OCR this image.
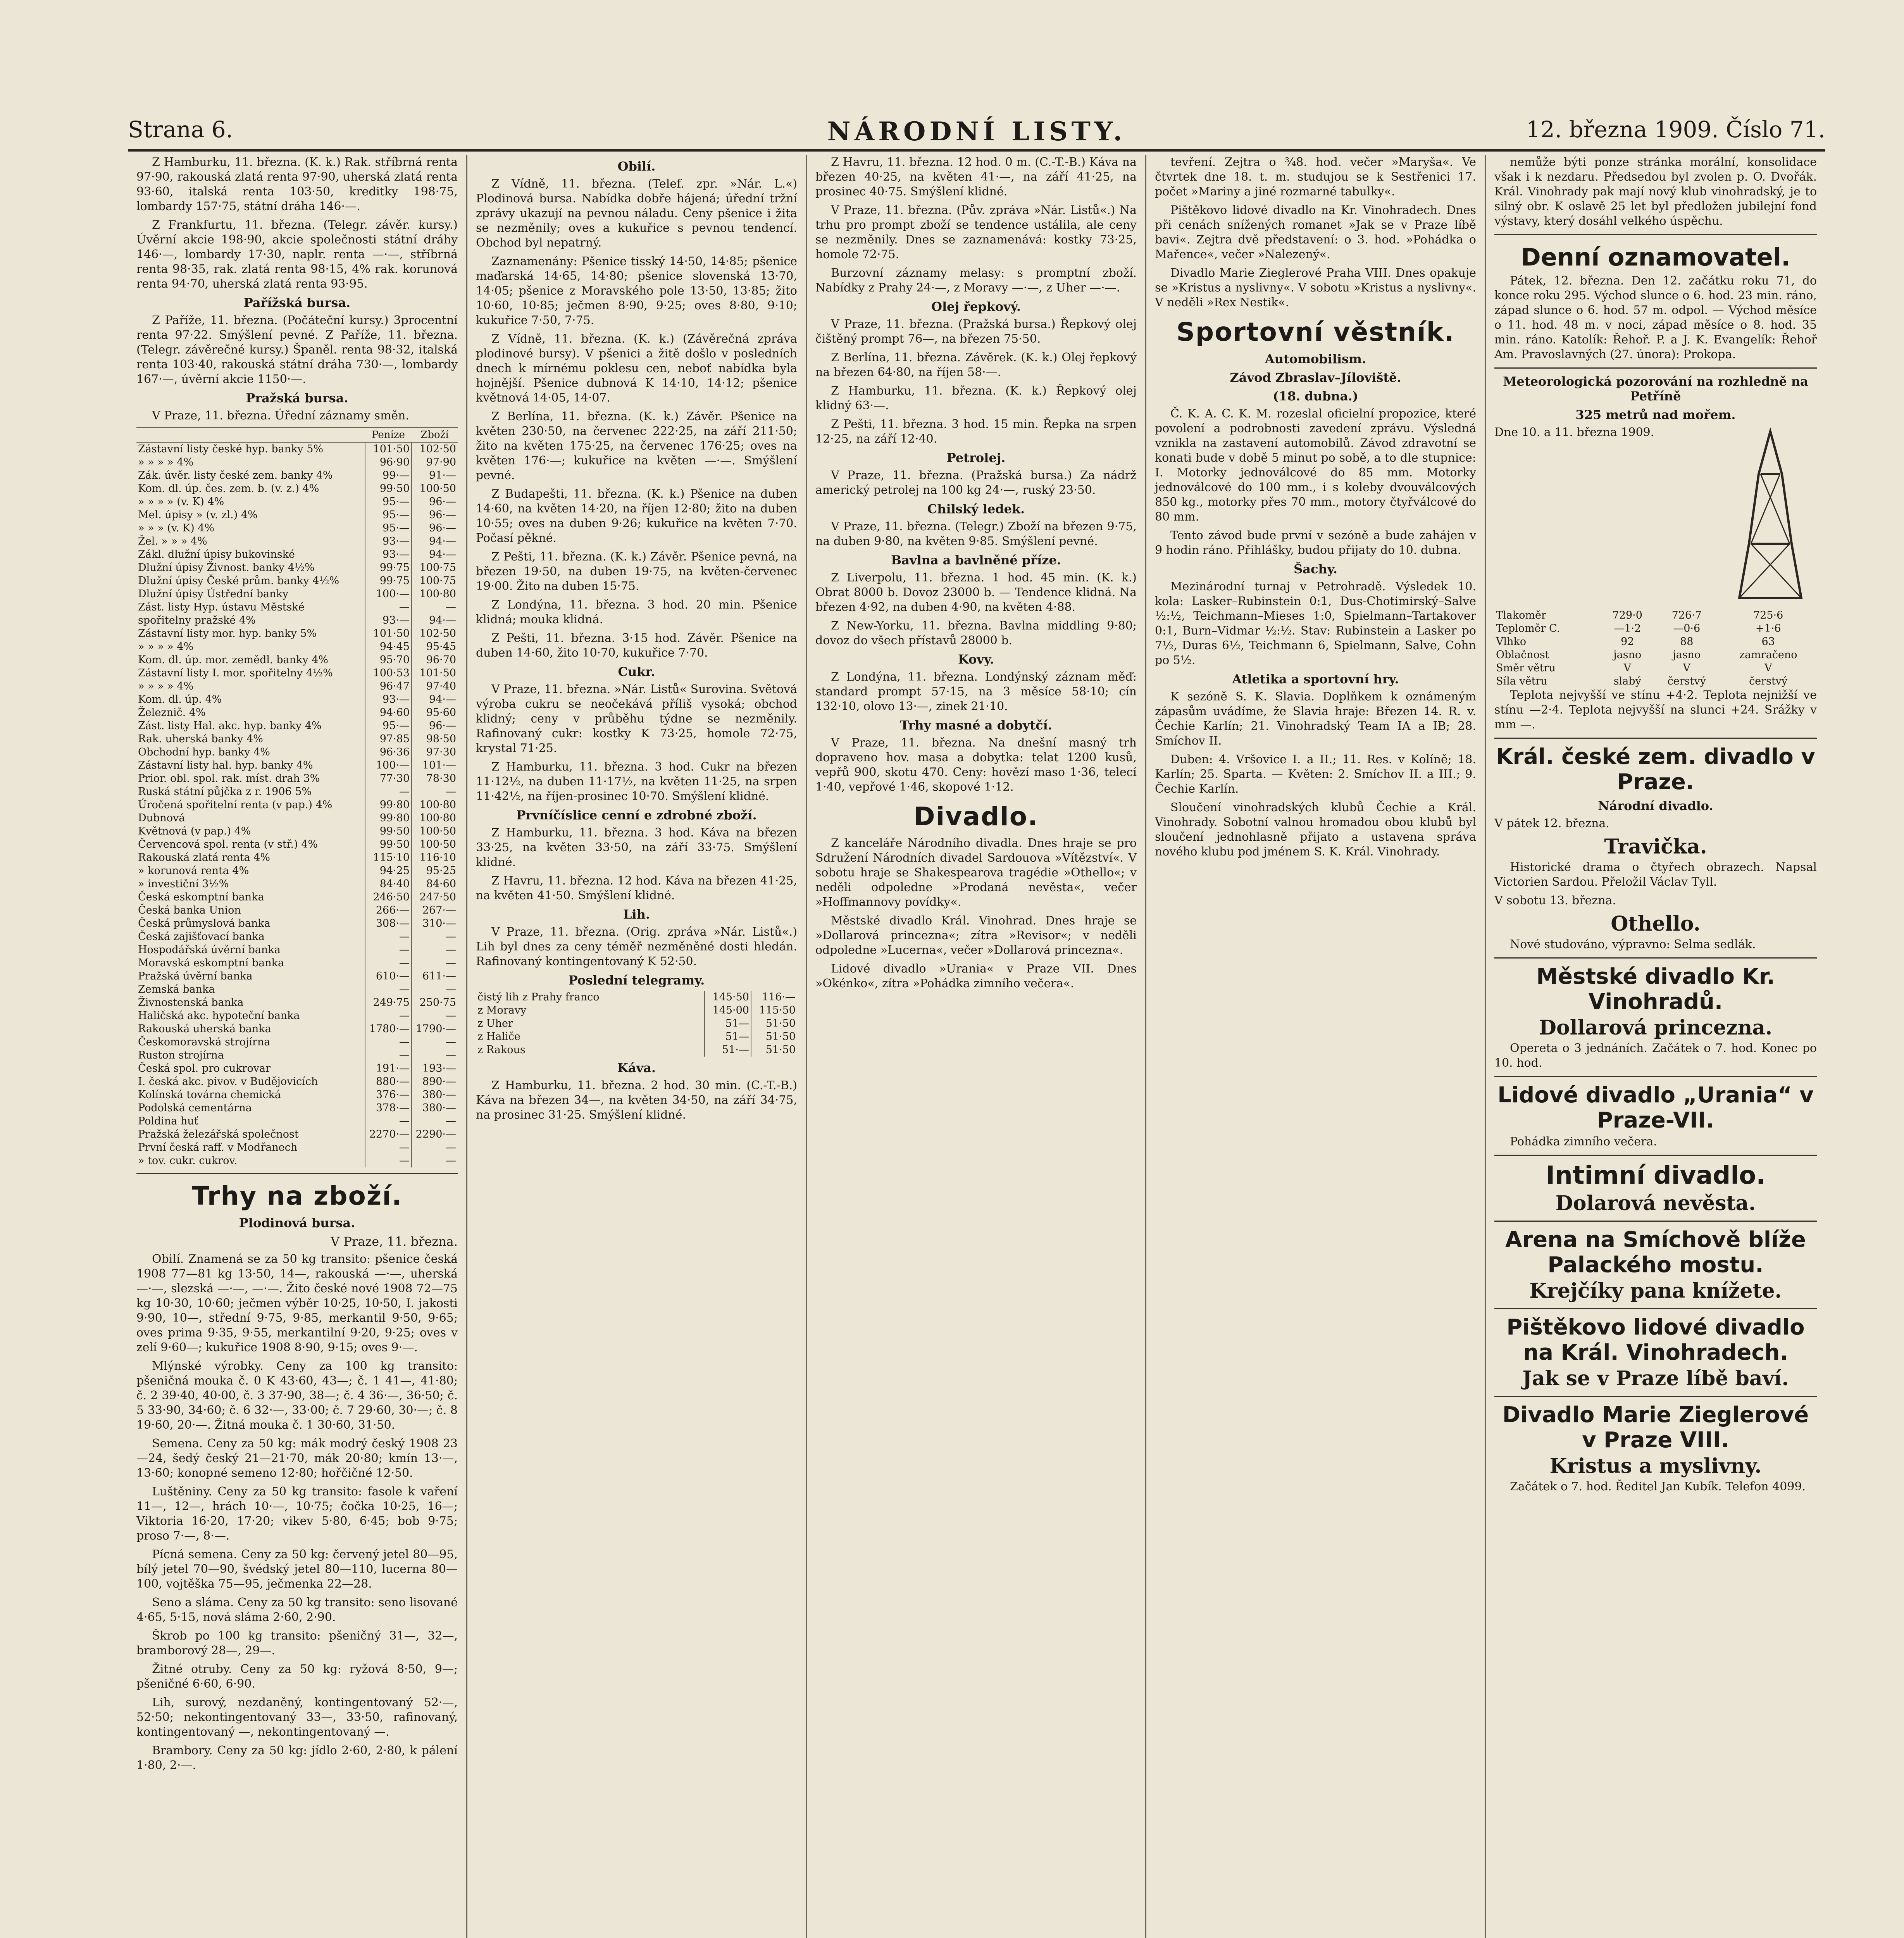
Strana 6.	NÁRODNÍ LISTY.	12. března 1909. Číslo 71.

Z Hamburku, 11. března. (K. k.) Rak. stříbrná renta 97·90, rakouská zlatá renta 97·90, uherská zlatá renta 93·60, italská renta 103·50, kreditky 198·75, lombardy 157·75, státní dráha 146·—.

Z Frankfurtu, 11. března. (Telegr. závěr. kursy.) Úvěrní akcie 198·90, akcie společnosti státní dráhy 146·—, lombardy 17·30, naplr. renta —·—, stříbrná renta 98·35, rak. zlatá renta 98·15, 4% rak. korunová renta 94·70, uherská zlatá renta 93·95.

Pařížská bursa.

Z Paříže, 11. března. (Počáteční kursy.) 3procentní renta 97·22. Smýšlení pevné. Z Paříže, 11. března. (Telegr. závěrečné kursy.) Španěl. renta 98·32, italská renta 103·40, rakouská státní dráha 730·—, lombardy 167·—, úvěrní akcie 1150·—.

Pražská bursa.

V Praze, 11. března. Úřední záznamy směn.

	Peníze	Zboží
Zástavní listy české hyp. banky 5%	101·50	102·50
» » » » 4%	96·90	97·90
Zák. úvěr. listy české zem. banky 4%	99·—	91·—
Kom. dl. úp. čes. zem. b. (v. z.) 4%	99·50	100·50
» » » » (v. K) 4%	95·—	96·—
Mel. úpisy » (v. zl.) 4%	95·—	96·—
» » » (v. K) 4%	95·—	96·—
Žel. » » » 4%	93·—	94·—
Zákl. dlužní úpisy bukovinské	93·—	94·—
Dlužní úpisy Živnost. banky 4½%	99·75	100·75
Dlužní úpisy České prům. banky 4½%	99·75	100·75
Dlužní úpisy Ústřední banky	100·—	100·80
Zást. listy Hyp. ústavu Městské	—	—
spořitelny pražské 4%	93·—	94·—
Zástavní listy mor. hyp. banky 5%	101·50	102·50
» » » » 4%	94·45	95·45
Kom. dl. úp. mor. zemědl. banky 4%	95·70	96·70
Zástavní listy I. mor. spořitelny 4½%	100·53	101·50
» » » » 4%	96·47	97·40
Kom. dl. úp. 4%	93·—	94·—
Železnič. 4%	94·60	95·60
Zást. listy Hal. akc. hyp. banky 4%	95·—	96·—
Rak. uherská banky 4%	97·85	98·50
Obchodní hyp. banky 4%	96·36	97·30
Zástavní listy hal. hyp. banky 4%	100·—	101·—
Prior. obl. spol. rak. míst. drah 3%	77·30	78·30
Ruská státní půjčka z r. 1906 5%	—	—
Úročená spořitelní renta (v pap.) 4%	99·80	100·80
Dubnová	99·80	100·80
Květnová (v pap.) 4%	99·50	100·50
Červencová spol. renta (v stř.) 4%	99·50	100·50
Rakouská zlatá renta 4%	115·10	116·10
» korunová renta 4%	94·25	95·25
» investiční 3½%	84·40	84·60
Česká eskomptní banka	246·50	247·50
Česká banka Union	266·—	267·—
Česká průmyslová banka	308·—	310·—
Česká zajišťovací banka	—	—
Hospodářská úvěrní banka	—	—
Moravská eskomptní banka	—	—
Pražská úvěrní banka	610·—	611·—
Zemská banka	—	—
Živnostenská banka	249·75	250·75
Haličská akc. hypoteční banka	—	—
Rakouská uherská banka	1780·—	1790·—
Českomoravská strojírna	—	—
Ruston strojírna	—	—
Česká spol. pro cukrovar	191·—	193·—
I. česká akc. pivov. v Budějovicích	880·—	890·—
Kolínská továrna chemická	376·—	380·—
Podolská cementárna	378·—	380·—
Poldina huť	—	—
Pražská železářská společnost	2270·—	2290·—
První česká raff. v Modřanech	—	—
» tov. cukr. cukrov.	—	—
Trhy na zboží.
Plodinová bursa.
V Praze, 11. března.

Obilí. Znamená se za 50 kg transito: pšenice česká 1908 77—81 kg 13·50, 14—, rakouská —·—, uherská —·—, slezská —·—, —·—. Žito české nové 1908 72—75 kg 10·30, 10·60; ječmen výběr 10·25, 10·50, I. jakosti 9·90, 10—, střední 9·75, 9·85, merkantil 9·50, 9·65; oves prima 9·35, 9·55, merkantilní 9·20, 9·25; oves v zelí 9·60—; kukuřice 1908 8·90, 9·15; oves 9·—.

Mlýnské výrobky. Ceny za 100 kg transito: pšeničná mouka č. 0 K 43·60, 43—; č. 1 41—, 41·80; č. 2 39·40, 40·00, č. 3 37·90, 38—; č. 4 36·—, 36·50; č. 5 33·90, 34·60; č. 6 32·—, 33·00; č. 7 29·60, 30·—; č. 8 19·60, 20·—. Žitná mouka č. 1 30·60, 31·50.

Semena. Ceny za 50 kg: mák modrý český 1908 23—24, šedý český 21—21·70, mák 20·80; kmín 13·—, 13·60; konopné semeno 12·80; hořčičné 12·50.

Luštěniny. Ceny za 50 kg transito: fasole k vaření 11—, 12—, hrách 10·—, 10·75; čočka 10·25, 16—; Viktoria 16·20, 17·20; vikev 5·80, 6·45; bob 9·75; proso 7·—, 8·—.

Pícná semena. Ceny za 50 kg: červený jetel 80—95, bílý jetel 70—90, švédský jetel 80—110, lucerna 80—100, vojtěška 75—95, ječmenka 22—28.

Seno a sláma. Ceny za 50 kg transito: seno lisované 4·65, 5·15, nová sláma 2·60, 2·90.

Škrob po 100 kg transito: pšeničný 31—, 32—, bramborový 28—, 29—.

Žitné otruby. Ceny za 50 kg: ryžová 8·50, 9—; pšeničné 6·60, 6·90.

Lih, surový, nezdaněný, kontingentovaný 52·—, 52·50; nekontingentovaný 33—, 33·50, rafinovaný, kontingentovaný —, nekontingentovaný —.

Brambory. Ceny za 50 kg: jídlo 2·60, 2·80, k pálení 1·80, 2·—.

Obilí.

Z Vídně, 11. března. (Telef. zpr. »Nár. L.«) Plodinová bursa. Nabídka dobře hájená; úřední tržní zprávy ukazují na pevnou náladu. Ceny pšenice i žita se nezměnily; oves a kukuřice s pevnou tendencí. Obchod byl nepatrný.

Zaznamenány: Pšenice tisský 14·50, 14·85; pšenice maďarská 14·65, 14·80; pšenice slovenská 13·70, 14·05; pšenice z Moravského pole 13·50, 13·85; žito 10·60, 10·85; ječmen 8·90, 9·25; oves 8·80, 9·10; kukuřice 7·50, 7·75.

Z Vídně, 11. března. (K. k.) (Závěrečná zpráva plodinové bursy). V pšenici a žitě došlo v posledních dnech k mírnému poklesu cen, neboť nabídka byla hojnější. Pšenice dubnová K 14·10, 14·12; pšenice květnová 14·05, 14·07.

Z Berlína, 11. března. (K. k.) Závěr. Pšenice na květen 230·50, na červenec 222·25, na září 211·50; žito na květen 175·25, na červenec 176·25; oves na květen 176·—; kukuřice na květen —·—. Smýšlení pevné.

Z Budapešti, 11. března. (K. k.) Pšenice na duben 14·60, na květen 14·20, na říjen 12·80; žito na duben 10·55; oves na duben 9·26; kukuřice na květen 7·70. Počasí pěkné.

Z Pešti, 11. března. (K. k.) Závěr. Pšenice pevná, na březen 19·50, na duben 19·75, na květen-červenec 19·00. Žito na duben 15·75.

Z Londýna, 11. března. 3 hod. 20 min. Pšenice klidná; mouka klidná.

Z Pešti, 11. března. 3·15 hod. Závěr. Pšenice na duben 14·60, žito 10·70, kukuřice 7·70.

Cukr.

V Praze, 11. března. »Nár. Listů« Surovina. Světová výroba cukru se neočekává příliš vysoká; obchod klidný; ceny v průběhu týdne se nezměnily. Rafinovaný cukr: kostky K 73·25, homole 72·75, krystal 71·25.

Z Hamburku, 11. března. 3 hod. Cukr na březen 11·12½, na duben 11·17½, na květen 11·25, na srpen 11·42½, na říjen-prosinec 10·70. Smýšlení klidné.

Prvníčíslice cenní e zdrobné zboží.

Z Hamburku, 11. března. 3 hod. Káva na březen 33·25, na květen 33·50, na září 33·75. Smýšlení klidné.

Z Havru, 11. března. 12 hod. Káva na březen 41·25, na květen 41·50. Smýšlení klidné.

Lih.

V Praze, 11. března. (Orig. zpráva »Nár. Listů«.) Lih byl dnes za ceny téměř nezměněné dosti hledán. Rafinovaný kontingentovaný K 52·50.

Poslední telegramy.
čistý lih z Prahy franco	145·50	116·—
z Moravy	145·00	115·50
z Uher	51—	51·50
z Haliče	51—	51·50
z Rakous	51·—	51·50
Káva.

Z Hamburku, 11. března. 2 hod. 30 min. (C.-T.-B.) Káva na březen 34—, na květen 34·50, na září 34·75, na prosinec 31·25. Smýšlení klidné.

Z Havru, 11. března. 12 hod. 0 m. (C.-T.-B.) Káva na březen 40·25, na květen 41·—, na září 41·25, na prosinec 40·75. Smýšlení klidné.

V Praze, 11. března. (Pův. zpráva »Nár. Listů«.) Na trhu pro prompt zboží se tendence ustálila, ale ceny se nezměnily. Dnes se zaznamenává: kostky 73·25, homole 72·75.

Burzovní záznamy melasy: s promptní zboží. Nabídky z Prahy 24·—, z Moravy —·—, z Uher —·—.

Olej řepkový.

V Praze, 11. března. (Pražská bursa.) Řepkový olej čištěný prompt 76—, na březen 75·50.

Z Berlína, 11. března. Závěrek. (K. k.) Olej řepkový na březen 64·80, na říjen 58·—.

Z Hamburku, 11. března. (K. k.) Řepkový olej klidný 63·—.

Z Pešti, 11. března. 3 hod. 15 min. Řepka na srpen 12·25, na září 12·40.

Petrolej.

V Praze, 11. března. (Pražská bursa.) Za nádrž americký petrolej na 100 kg 24·—, ruský 23·50.

Chilský ledek.

V Praze, 11. března. (Telegr.) Zboží na březen 9·75, na duben 9·80, na květen 9·85. Smýšlení pevné.

Bavlna a bavlněné příze.

Z Liverpolu, 11. března. 1 hod. 45 min. (K. k.) Obrat 8000 b. Dovoz 23000 b. — Tendence klidná. Na březen 4·92, na duben 4·90, na květen 4·88.

Z New-Yorku, 11. března. Bavlna middling 9·80; dovoz do všech přístavů 28000 b.

Kovy.

Z Londýna, 11. března. Londýnský záznam měď: standard prompt 57·15, na 3 měsíce 58·10; cín 132·10, olovo 13·—, zinek 21·10.

Trhy masné a dobytčí.

V Praze, 11. března. Na dnešní masný trh dopraveno hov. masa a dobytka: telat 1200 kusů, vepřů 900, skotu 470. Ceny: hovězí maso 1·36, telecí 1·40, vepřové 1·46, skopové 1·12.

Divadlo.

Z kanceláře Národního divadla. Dnes hraje se pro Sdružení Národních divadel Sardouova »Vítězství«. V sobotu hraje se Shakespearova tragédie »Othello«; v neděli odpoledne »Prodaná nevěsta«, večer »Hoffmannovy povídky«.

Městské divadlo Král. Vinohrad. Dnes hraje se »Dollarová princezna«; zítra »Revisor«; v neděli odpoledne »Lucerna«, večer »Dollarová princezna«.

Lidové divadlo »Urania« v Praze VII. Dnes »Okénko«, zítra »Pohádka zimního večera«.

tevření. Zejtra o ¾8. hod. večer »Maryša«. Ve čtvrtek dne 18. t. m. studujou se k Sestřenici 17. počet »Mariny a jiné rozmarné tabulky«.

Pištěkovo lidové divadlo na Kr. Vinohradech. Dnes při cenách snížených romanet »Jak se v Praze líbě bavi«. Zejtra dvě představení: o 3. hod. »Pohádka o Mařence«, večer »Nalezený«.

Divadlo Marie Zieglerové Praha VIII. Dnes opakuje se »Kristus a nyslivny«. V sobotu »Kristus a nyslivny«. V neděli »Rex Nestik«.

Sportovní věstník.
Automobilism.
Závod Zbraslav–Jíloviště.
(18. dubna.)

Č. K. A. C. K. M. rozeslal oficielní propozice, které povolení a podrobnosti zavedení zprávu. Výsledná vznikla na zastavení automobilů. Závod zdravotní se konati bude v době 5 minut po sobě, a to dle stupnice: I. Motorky jednoválcové do 85 mm. Motorky jednoválcové do 100 mm., i s koleby dvouválcových 850 kg., motorky přes 70 mm., motory čtyřválcové do 80 mm.

Tento závod bude první v sezóně a bude zahájen v 9 hodin ráno. Přihlášky, budou přijaty do 10. dubna.

Šachy.

Mezinárodní turnaj v Petrohradě. Výsledek 10. kola: Lasker–Rubinstein 0:1, Dus-Chotimirský–Salve ½:½, Teichmann–Mieses 1:0, Spielmann–Tartakover 0:1, Burn–Vidmar ½:½. Stav: Rubinstein a Lasker po 7½, Duras 6½, Teichmann 6, Spielmann, Salve, Cohn po 5½.

Atletika a sportovní hry.

K sezóně S. K. Slavia. Doplňkem k oznámeným zápasům uvádíme, že Slavia hraje: Březen 14. R. v. Čechie Karlín; 21. Vinohradský Team IA a IB; 28. Smíchov II.

Duben: 4. Vršovice I. a II.; 11. Res. v Kolíně; 18. Karlín; 25. Sparta. — Květen: 2. Smíchov II. a III.; 9. Čechie Karlín.

Sloučení vinohradských klubů Čechie a Král. Vinohrady. Sobotní valnou hromadou obou klubů byl sloučení jednohlasně přijato a ustavena správa nového klubu pod jménem S. K. Král. Vinohrady.

nemůže býti ponze stránka morální, konsolidace však i k nezdaru. Předsedou byl zvolen p. O. Dvořák. Král. Vinohrady pak mají nový klub vinohradský, je to silný obr. K oslavě 25 let byl předložen jubilejní fond výstavy, který dosáhl velkého úspěchu.

Denní oznamovatel.

Pátek, 12. března. Den 12. začátku roku 71, do konce roku 295. Východ slunce o 6. hod. 23 min. ráno, západ slunce o 6. hod. 57 m. odpol. — Východ měsíce o 11. hod. 48 m. v noci, západ měsíce o 8. hod. 35 min. ráno. Katolík: Řehoř. P. a J. K. Evangelík: Řehoř Am. Pravoslavných (27. února): Prokopa.

Meteorologická pozorování na rozhledně na Petříně
325 metrů nad mořem.

Dne 10. a 11. března 1909.

Tlakoměr	729·0	726·7	725·6
Teploměr C.	—1·2	—0·6	+1·6
Vlhko	92	88	63
Oblačnost	jasno	jasno	zamračeno
Směr větru	V	V	V
Síla větru	slabý	čerstvý	čerstvý

Teplota nejvyšší ve stínu +4·2. Teplota nejnižší ve stínu —2·4. Teplota nejvyšší na slunci +24. Srážky v mm —.

Král. české zem. divadlo v Praze.
Národní divadlo.

V pátek 12. března.

Travička.

Historické drama o čtyřech obrazech. Napsal Victorien Sardou. Přeložil Václav Tyll.

V sobotu 13. března.

Othello.

Nové studováno, výpravno: Selma sedlák.

Městské divadlo Kr. Vinohradů.
Dollarová princezna.

Opereta o 3 jednáních. Začátek o 7. hod. Konec po 10. hod.

Lidové divadlo „Urania“ v Praze-VII.

Pohádka zimního večera.

Intimní divadlo.
Dolarová nevěsta.
Arena na Smíchově blíže Palackého mostu.
Krejčíky pana knížete.
Pištěkovo lidové divadlo na Král. Vinohradech.
Jak se v Praze líbě baví.
Divadlo Marie Zieglerové v Praze VIII.
Kristus a myslivny.

Začátek o 7. hod. Ředitel Jan Kubík. Telefon 4099.
